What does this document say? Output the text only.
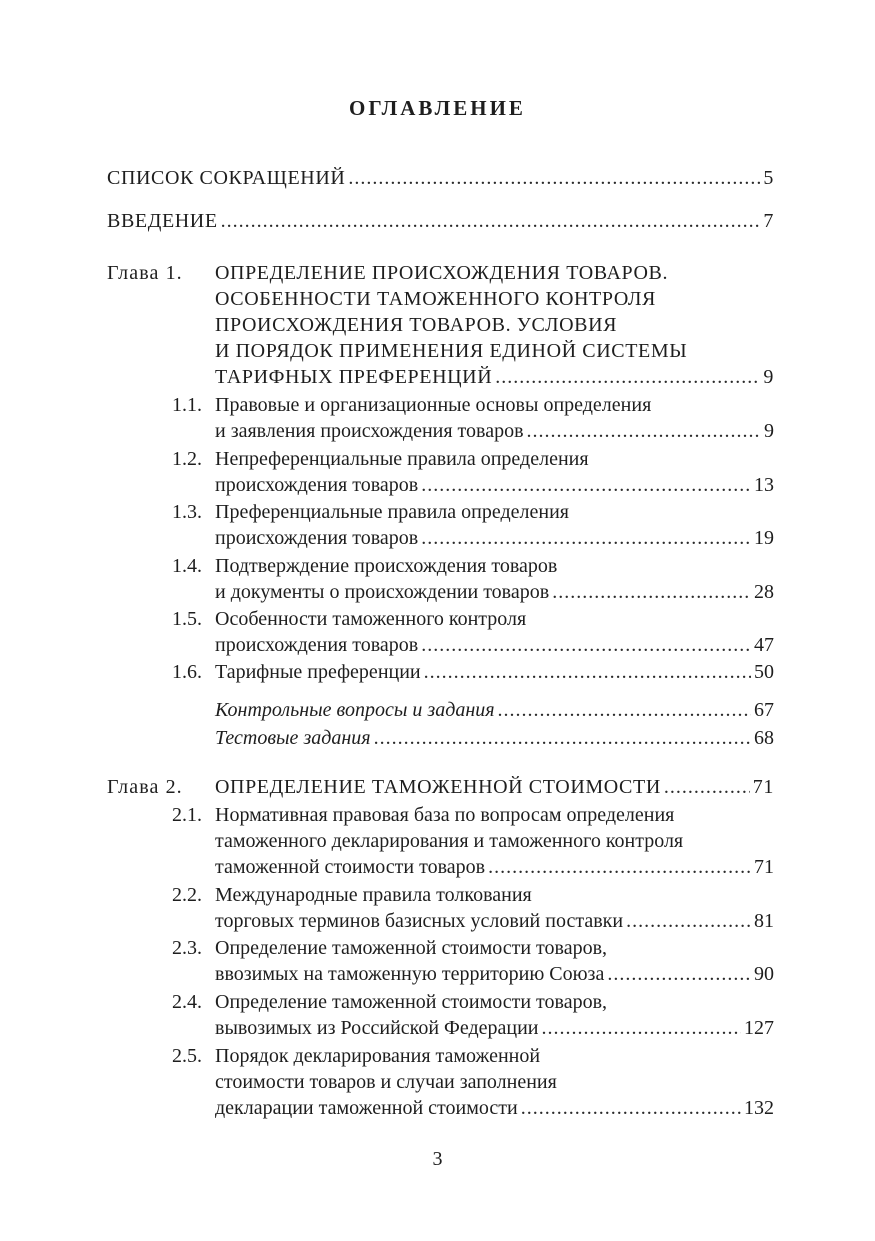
ОГЛАВЛЕНИЕ
СПИСОК СОКРАЩЕНИЙ .....	5
ВВЕДЕНИЕ .....	7
Глава 1. ОПРЕДЕЛЕНИЕ ПРОИСХОЖДЕНИЯ ТОВАРОВ.
ОСОБЕННОСТИ ТАМОЖЕННОГО КОНТРОЛЯ
ПРОИСХОЖДЕНИЯ ТОВАРОВ. УСЛОВИЯ
И ПОРЯДОК ПРИМЕНЕНИЯ ЕДИНОЙ СИСТЕМЫ
ТАРИФНЫХ ПРЕФЕРЕНЦИЙ .....	9
1.1. Правовые и организационные основы определения
и заявления происхождения товаров .....	9
1.2. Непреференциальные правила определения
происхождения товаров .....	13
1.3. Преференциальные правила определения
происхождения товаров .....	19
1.4. Подтверждение происхождения товаров
и документы о происхождении товаров .....	28
1.5. Особенности таможенного контроля
происхождения товаров .....	47
1.6. Тарифные преференции .....	50
Контрольные вопросы и задания .....	67
Тестовые задания .....	68
Глава 2. ОПРЕДЕЛЕНИЕ ТАМОЖЕННОЙ СТОИМОСТИ .....	71
2.1. Нормативная правовая база по вопросам определения
таможенного декларирования и таможенного контроля
таможенной стоимости товаров .....	71
2.2. Международные правила толкования
торговых терминов базисных условий поставки .....	81
2.3. Определение таможенной стоимости товаров,
ввозимых на таможенную территорию Союза .....	90
2.4. Определение таможенной стоимости товаров,
вывозимых из Российской Федерации .....	127
2.5. Порядок декларирования таможенной
стоимости товаров и случаи заполнения
декларации таможенной стоимости .....	132
3
